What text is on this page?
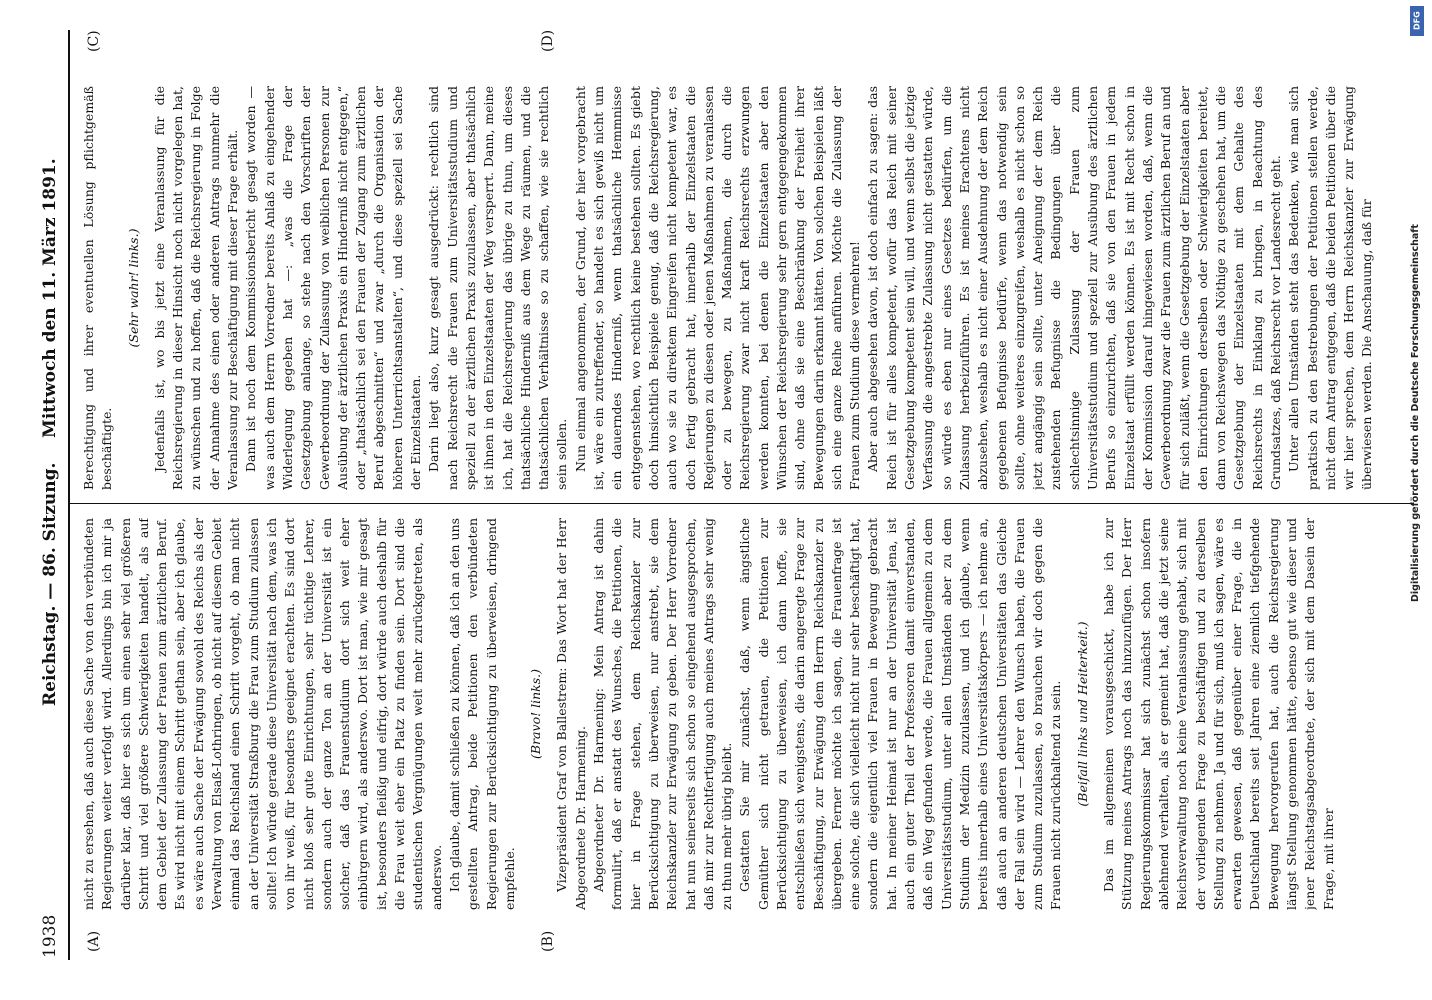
1938
Reichstag. — 86. Sitzung.
Mittwoch den 11. März 1891.
(A)	(B)
(C)	(D)

nicht zu ersehen, daß auch diese Sache von den verbündeten Regierungen weiter verfolgt wird. Allerdings bin ich mir ja darüber klar, daß hier es sich um einen sehr viel größeren Schritt und viel größere Schwierigkeiten handelt, als auf dem Gebiet der Zulassung der Frauen zum ärztlichen Beruf. Es wird nicht mit einem Schritt gethan sein, aber ich glaube, es wäre auch Sache der Erwägung sowohl des Reichs als der Verwaltung von Elsaß-Lothringen, ob nicht auf diesem Gebiet einmal das Reichsland einen Schritt vorgeht, ob man nicht an der Universität Straßburg die Frau zum Studium zulassen sollte! Ich würde gerade diese Universität nach dem, was ich von ihr weiß, für besonders geeignet erachten. Es sind dort nicht bloß sehr gute Einrichtungen, sehr tüchtige Lehrer, sondern auch der ganze Ton an der Universität ist ein solcher, daß das Frauenstudium dort sich weit eher einbürgern wird, als anderswo. Dort ist man, wie mir gesagt ist, besonders fleißig und eifrig, dort würde auch deshalb für die Frau weit eher ein Platz zu finden sein. Dort sind die studentischen Vergnügungen weit mehr zurückgetreten, als anderswo. Ich glaube, damit schließen zu können, daß ich an den uns gestellten Antrag, beide Petitionen den verbündeten Regierungen zur Berücksichtigung zu überweisen, dringend empfehle.

(Bravo! links.) Vizepräsident Graf von Ballestrem: Das Wort hat der Herr Abgeordnete Dr. Harmening. Abgeordneter Dr. Harmening: Mein Antrag ist dahin formulirt, daß er anstatt des Wunsches, die Petitionen, die hier in Frage stehen, dem Reichskanzler zur Berücksichtigung zu überweisen, nur anstrebt, sie dem Reichskanzler zur Erwägung zu geben. Der Herr Vorredner hat nun seinerseits sich schon so eingehend ausgesprochen, daß mir zur Rechtfertigung auch meines Antrags sehr wenig zu thun mehr übrig bleibt. Gestatten Sie mir zunächst, daß, wenn ängstliche Gemüther sich nicht getrauen, die Petitionen zur Berücksichtigung zu überweisen, ich dann hoffe, sie entschließen sich wenigstens, die darin angeregte Frage zur Beschäftigung, zur Erwägung dem Herrn Reichskanzler zu übergeben. Ferner möchte ich sagen, die Frauenfrage ist eine solche, die sich vielleicht nicht nur sehr beschäftigt hat, sondern die eigentlich viel Frauen in Bewegung gebracht hat. In meiner Heimat ist nur an der Universität Jena, ist auch ein guter Theil der Professoren damit einverstanden, daß ein Weg gefunden werde, die Frauen allgemein zu dem Universitätsstudium, unter allen Umständen aber zu dem Studium der Medizin zuzulassen, und ich glaube, wenn bereits innerhalb eines Universitätskörpers — ich nehme an, daß auch an anderen deutschen Universitäten das Gleiche der Fall sein wird — Lehrer den Wunsch haben, die Frauen zum Studium zuzulassen, so brauchen wir doch gegen die Frauen nicht zurückhaltend zu sein. (Beifall links und Heiterkeit.) Das im allgemeinen vorausgeschickt, habe ich zur Stützung meines Antrags noch das hinzuzufügen. Der Herr Regierungskommissar hat sich zunächst schon insofern ablehnend verhalten, als er gemeint hat, daß die jetzt seine Reichsverwaltung noch keine Veranlassung gehabt, sich mit der vorliegenden Frage zu beschäftigen und zu derselben Stellung zu nehmen. Ja und für sich, muß ich sagen, wäre es erwarten gewesen, daß gegenüber einer Frage, die in Deutschland bereits seit Jahren eine ziemlich tiefgehende Bewegung hervorgerufen hat, auch die Reichsregierung längst Stellung genommen hätte, ebenso gut wie dieser und jener Reichstagsabgeordnete, der sich mit dem Dasein der Frage, mit ihrer

Berechtigung und ihrer eventuellen Lösung pflichtgemäß beschäftigte.

(Sehr wahr! links.) Jedenfalls ist, wo bis jetzt eine Veranlassung für die Reichsregierung in dieser Hinsicht noch nicht vorgelegen hat, zu wünschen und zu hoffen, daß die Reichsregierung in Folge der Annahme des einen oder anderen Antrags nunmehr die Veranlassung zur Beschäftigung mit dieser Frage erhält. Dann ist noch dem Kommissionsbericht gesagt worden — was auch dem Herrn Vorredner bereits Anlaß zu eingehender Widerlegung gegeben hat —: „was die Frage der Gesetzgebung anlange, so stehe nach den Vorschriften der Gewerbeordnung der Zulassung von weiblichen Personen zur Ausübung der ärztlichen Praxis ein Hinderniß nicht entgegen,“ oder „thatsächlich sei den Frauen der Zugang zum ärztlichen Beruf abgeschnitten“ und zwar „durch die Organisation der höheren Unterrichtsanstalten“, und diese speziell sei Sache der Einzelstaaten. Darin liegt also, kurz gesagt ausgedrückt: rechtlich sind nach Reichsrecht die Frauen zum Universitätsstudium und speziell zu der ärztlichen Praxis zuzulassen, aber thatsächlich ist ihnen in den Einzelstaaten der Weg versperrt. Dann, meine ich, hat die Reichsregierung das übrige zu thun, um dieses thatsächliche Hinderniß aus dem Wege zu räumen, und die thatsächlichen Verhältnisse so zu schaffen, wie sie rechtlich sein sollen. Nun einmal angenommen, der Grund, der hier vorgebracht ist, wäre ein zutreffender, so handelt es sich gewiß nicht um ein dauerndes Hinderniß, wenn thatsächliche Hemmnisse entgegenstehen, wo rechtlich keine bestehen sollten. Es giebt doch hinsichtlich Beispiele genug, daß die Reichsregierung, auch wo sie zu direktem Eingreifen nicht kompetent war, es doch fertig gebracht hat, innerhalb der Einzelstaaten die Regierungen zu diesen oder jenen Maßnahmen zu veranlassen oder zu bewegen, zu Maßnahmen, die durch die Reichsregierung zwar nicht kraft Reichsrechts erzwungen werden konnten, bei denen die Einzelstaaten aber den Wünschen der Reichsregierung sehr gern entgegengekommen sind, ohne daß sie eine Beschränkung der Freiheit ihrer Bewegungen darin erkannt hätten. Von solchen Beispielen läßt sich eine ganze Reihe anführen. Möchte die Zulassung der Frauen zum Studium diese vermehren! Aber auch abgesehen davon, ist doch einfach zu sagen: das Reich ist für alles kompetent, wofür das Reich mit seiner Gesetzgebung kompetent sein will, und wenn selbst die jetzige Verfassung die angestrebte Zulassung nicht gestatten würde, so würde es eben nur eines Gesetzes bedürfen, um die Zulassung herbeizuführen. Es ist meines Erachtens nicht abzusehen, weshalb es nicht einer Ausdehnung der dem Reich gegebenen Befugnisse bedürfe, wenn das notwendig sein sollte, ohne weiteres einzugreifen, weshalb es nicht schon so jetzt angängig sein sollte, unter Aneignung der dem Reich zustehenden Befugnisse die Bedingungen über die schlechtsinnige Zulassung der Frauen zum Universitätsstudium und speziell zur Ausübung des ärztlichen Berufs so einzurichten, daß sie von den Frauen in jedem Einzelstaat erfüllt werden können. Es ist mit Recht schon in der Kommission darauf hingewiesen worden, daß, wenn die Gewerbeordnung zwar die Frauen zum ärztlichen Beruf an und für sich zuläßt, wenn die Gesetzgebung der Einzelstaaten aber den Einrichtungen derselben oder Schwierigkeiten bereitet, dann von Reichswegen das Nöthige zu geschehen hat, um die Gesetzgebung der Einzelstaaten mit dem Gehalte des Reichsrechts in Einklang zu bringen, in Beachtung des Grundsatzes, daß Reichsrecht vor Landesrecht geht. Unter allen Umständen steht das Bedenken, wie man sich praktisch zu den Bestrebungen der Petitionen stellen werde, nicht dem Antrag entgegen, daß die beiden Petitionen über die wir hier sprechen, dem Herrn Reichskanzler zur Erwägung überwiesen werden. Die Anschauung, daß für

DFG
Digitalisierung gefördert durch die Deutsche Forschungsgemeinschaft
